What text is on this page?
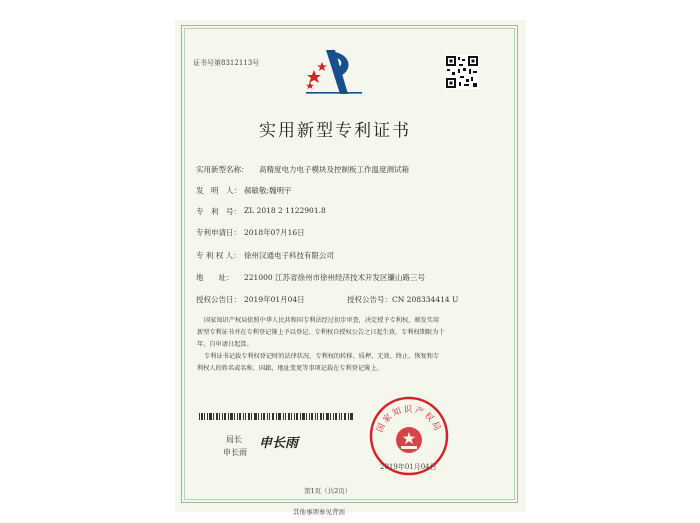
证书号第8312113号
实用新型专利证书
实用新型名称： 高精度电力电子模块及控制板工作温度测试箱
发　明　人： 郝敏敬;魏明宇
专　利　号： ZL 2018 2 1122901.8
专利申请日： 2018年07月16日
专 利 权 人： 徐州汉通电子科技有限公司
地　　址： 221000 江苏省徐州市徐州经济技术开发区镰山路三号
授权公告日： 2019年01月04日	授权公告号：CN 208334414 U
国家知识产权局依照中华人民共和国专利法经过初步审查，决定授予专利权，颁发实用
新型专利证书并在专利登记簿上予以登记。专利权自授权公告之日起生效。专利权期限为十
年，自申请日起算。
专利证书记载专利权登记时的法律状况。专利权的转移、质押、无效、终止、恢复和专
利权人的姓名或名称、国籍、地址变更等事项记载在专利登记簿上。
局长
申长雨
申长雨
国家知识产权局
2019年01月04日
第1页（共2页）
其他事项参见背面
